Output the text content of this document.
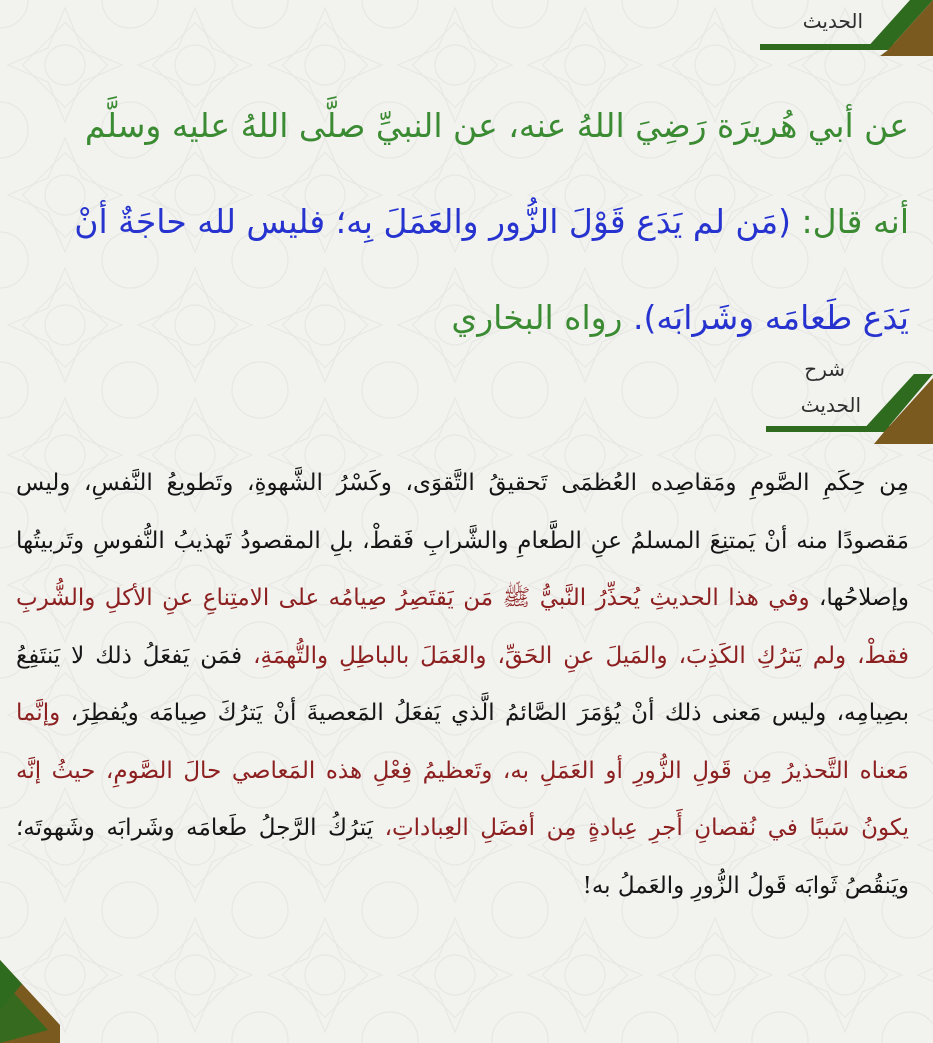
الحديث
عن أبي هُريرَة رَضِيَ اللهُ عنه، عن النبيِّ صلَّى اللهُ عليه وسلَّم أنه قال: (مَن لم يَدَع قَوْلَ الزُّور والعَمَلَ بِه؛ فليس لله حاجَةٌ أنْ يَدَع طَعامَه وشَرابَه). رواه البخاري
شرح
الحديث
مِن حِكَمِ الصَّومِ ومَقاصِده العُظمَى تَحقيقُ التَّقوَى، وكَسْرُ الشَّهوةِ، وتَطويعُ النَّفسِ، وليس مَقصودًا منه أنْ يَمتنِعَ المسلمُ عنِ الطَّعامِ والشَّرابِ فَقطْ، بلِ المقصودُ تَهذيبُ النُّفوسِ وتَربيتُها وإصلاحُها، وفي هذا الحديثِ يُحذِّرُ النَّبيُّ ﷺ مَن يَقتَصِرُ صِيامُه على الامتِناعِ عنِ الأكلِ والشُّربِ فقطْ، ولم يَترُكِ الكَذِبَ، والمَيلَ عنِ الحَقِّ، والعَمَلَ بالباطِلِ والتُّهمَةِ، فمَن يَفعَلُ ذلك لا يَنتَفِعُ بصِيامِه، وليس مَعنى ذلك أنْ يُؤمَرَ الصَّائمُ الَّذي يَفعَلُ المَعصيةَ أنْ يَترُكَ صِيامَه ويُفطِرَ، وإنَّما مَعناه التَّحذيرُ مِن قَولِ الزُّورِ أو العَمَلِ به، وتَعظيمُ فِعْلِ هذه المَعاصي حالَ الصَّومِ، حيثُ إنَّه يكونُ سَببًا في نُقصانِ أَجرِ عِبادةٍ مِن أفضَلِ العِباداتِ، يَترُكُ الرَّجلُ طَعامَه وشَرابَه وشَهوتَه؛ ويَنقُصُ ثَوابَه قَولُ الزُّورِ والعَملُ به!
